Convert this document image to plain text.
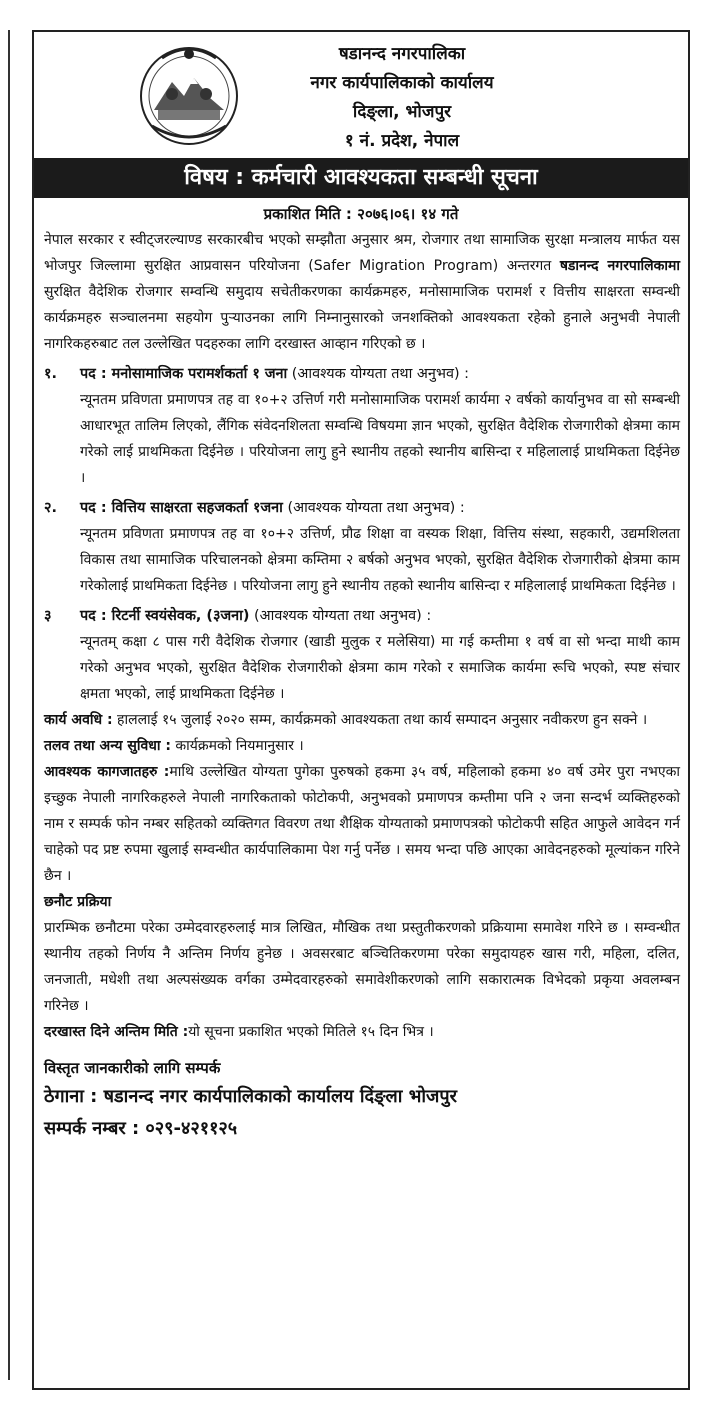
षडानन्द नगरपालिका
नगर कार्यपालिकाको कार्यालय
दिङ्ला, भोजपुर
१ नं. प्रदेश, नेपाल
विषय : कर्मचारी आवश्यकता सम्बन्धी सूचना
प्रकाशित मिति : २०७६।०६। १४ गते

नेपाल सरकार र स्वीट्जरल्याण्ड सरकारबीच भएको सम्झौता अनुसार श्रम, रोजगार तथा सामाजिक सुरक्षा मन्त्रालय मार्फत यस भोजपुर जिल्लामा सुरक्षित आप्रवासन परियोजना (Safer Migration Program) अन्तरगत षडानन्द नगरपालिकामा सुरक्षित वैदेशिक रोजगार सम्वन्धि समुदाय सचेतीकरणका कार्यक्रमहरु, मनोसामाजिक परामर्श र वित्तीय साक्षरता सम्वन्धी कार्यक्रमहरु सञ्चालनमा सहयोग पुऱ्याउनका लागि निम्नानुसारको जनशक्तिको आवश्यकता रहेको हुनाले अनुभवी नेपाली नागरिकहरुबाट तल उल्लेखित पदहरुका लागि दरखास्त आव्हान गरिएको छ ।

१. पद : मनोसामाजिक परामर्शकर्ता १ जना (आवश्यक योग्यता तथा अनुभव) :
न्यूनतम प्रविणता प्रमाणपत्र तह वा १०+२ उत्तिर्ण गरी मनोसामाजिक परामर्श कार्यमा २ वर्षको कार्यानुभव वा सो सम्बन्धी आधारभूत तालिम लिएको, लैंगिक संवेदनशिलता सम्वन्धि विषयमा ज्ञान भएको, सुरक्षित वैदेशिक रोजगारीको क्षेत्रमा काम गरेको लाई प्राथमिकता दिईनेछ । परियोजना लागु हुने स्थानीय तहको स्थानीय बासिन्दा र महिलालाई प्राथमिकता दिईनेछ ।
२. पद : वित्तिय साक्षरता सहजकर्ता १जना (आवश्यक योग्यता तथा अनुभव) :
न्यूनतम प्रविणता प्रमाणपत्र तह वा १०+२ उत्तिर्ण, प्रौढ शिक्षा वा वस्यक शिक्षा, वित्तिय संस्था, सहकारी, उद्यमशिलता विकास तथा सामाजिक परिचालनको क्षेत्रमा कम्तिमा २ बर्षको अनुभव भएको, सुरक्षित वैदेशिक रोजगारीको क्षेत्रमा काम गरेकोलाई प्राथमिकता दिईनेछ । परियोजना लागु हुने स्थानीय तहको स्थानीय बासिन्दा र महिलालाई प्राथमिकता दिईनेछ ।
३ पद : रिटर्नी स्वयंसेवक, (३जना) (आवश्यक योग्यता तथा अनुभव) :
न्यूनतम् कक्षा ८ पास गरी वैदेशिक रोजगार (खाडी मुलुक र मलेसिया) मा गई कम्तीमा १ वर्ष वा सो भन्दा माथी काम गरेको अनुभव भएको, सुरक्षित वैदेशिक रोजगारीको क्षेत्रमा काम गरेको र समाजिक कार्यमा रूचि भएको, स्पष्ट संचार क्षमता भएको, लाई प्राथमिकता दिईनेछ ।

कार्य अवधि : हाललाई १५ जुलाई २०२० सम्म, कार्यक्रमको आवश्यकता तथा कार्य सम्पादन अनुसार नवीकरण हुन सक्ने ।

तलव तथा अन्य सुविधा : कार्यक्रमको नियमानुसार ।

आवश्यक कागजातहरु :माथि उल्लेखित योग्यता पुगेका पुरुषको हकमा ३५ वर्ष, महिलाको हकमा ४० वर्ष उमेर पुरा नभएका इच्छुक नेपाली नागरिकहरुले नेपाली नागरिकताको फोटोकपी, अनुभवको प्रमाणपत्र कम्तीमा पनि २ जना सन्दर्भ व्यक्तिहरुको नाम र सम्पर्क फोन नम्बर सहितको व्यक्तिगत विवरण तथा शैक्षिक योग्यताको प्रमाणपत्रको फोटोकपी सहित आफुले आवेदन गर्न चाहेको पद प्रष्ट रुपमा खुलाई सम्वन्धीत कार्यपालिकामा पेश गर्नु पर्नेछ । समय भन्दा पछि आएका आवेदनहरुको मूल्यांकन गरिने छैन ।

छनौट प्रक्रिया

प्रारम्भिक छनौटमा परेका उम्मेदवारहरुलाई मात्र लिखित, मौखिक तथा प्रस्तुतीकरणको प्रक्रियामा समावेश गरिने छ । सम्वन्धीत स्थानीय तहको निर्णय नै अन्तिम निर्णय हुनेछ । अवसरबाट बञ्चितिकरणमा परेका समुदायहरु खास गरी, महिला, दलित, जनजाती, मधेशी तथा अल्पसंख्यक वर्गका उम्मेदवारहरुको समावेशीकरणको लागि सकारात्मक विभेदको प्रकृया अवलम्बन गरिनेछ ।

दरखास्त दिने अन्तिम मिति :यो सूचना प्रकाशित भएको मितिले १५ दिन भित्र ।

विस्तृत जानकारीको लागि सम्पर्क
ठेगाना : षडानन्द नगर कार्यपालिकाको कार्यालय दिंङ्ला भोजपुर
सम्पर्क नम्बर : ०२९-४२११२५
